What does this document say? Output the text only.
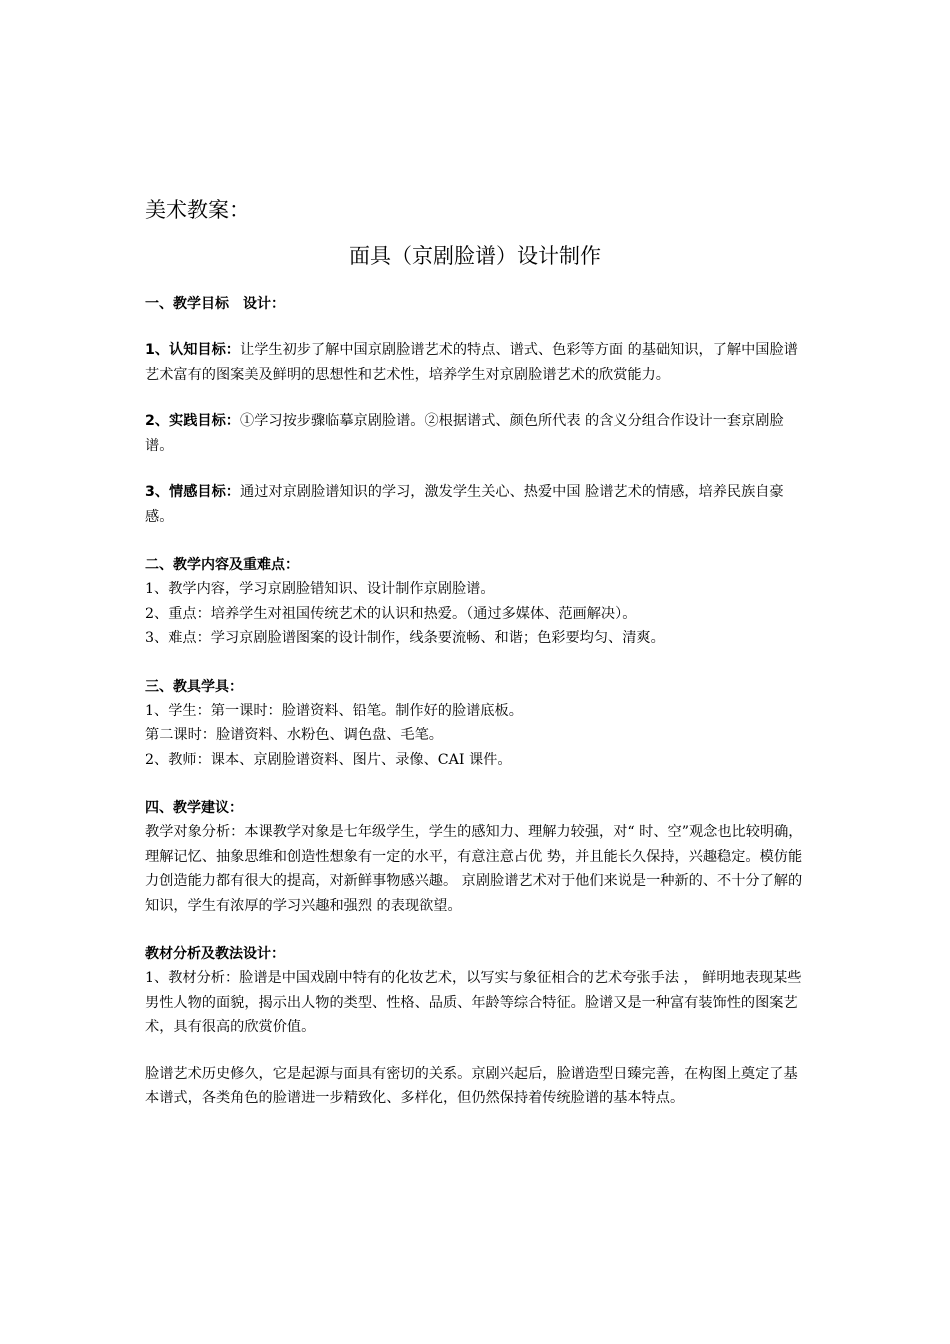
美术教案：
面具（京剧脸谱）设计制作

一、教学目标　设计：

1、认知目标：让学生初步了解中国京剧脸谱艺术的特点、谱式、色彩等方面 的基础知识，了解中国脸谱艺术富有的图案美及鲜明的思想性和艺术性，培养学生对京剧脸谱艺术的欣赏能力。

2、实践目标：①学习按步骤临摹京剧脸谱。②根据谱式、颜色所代表 的含义分组合作设计一套京剧脸谱。

3、情感目标：通过对京剧脸谱知识的学习，激发学生关心、热爱中国 脸谱艺术的情感，培养民族自豪感。

二、教学内容及重难点：

1、教学内容，学习京剧脸错知识、设计制作京剧脸谱。

2、重点：培养学生对祖国传统艺术的认识和热爱。（通过多媒体、范画解决）。

3、难点：学习京剧脸谱图案的设计制作，线条要流畅、和谐；色彩要均匀、清爽。

三、教具学具：

1、学生：第一课时：脸谱资料、铅笔。制作好的脸谱底板。

第二课时：脸谱资料、水粉色、调色盘、毛笔。

2、教师：课本、京剧脸谱资料、图片、录像、CAI 课件。

四、教学建议：

教学对象分析：本课教学对象是七年级学生，学生的感知力、理解力较强，对“ 时、空”观念也比较明确，理解记忆、抽象思维和创造性想象有一定的水平，有意注意占优 势，并且能长久保持，兴趣稳定。模仿能力创造能力都有很大的提高，对新鲜事物感兴趣。 京剧脸谱艺术对于他们来说是一种新的、不十分了解的知识，学生有浓厚的学习兴趣和强烈 的表现欲望。

教材分析及教法设计：

1、教材分析：脸谱是中国戏剧中特有的化妆艺术，以写实与象征相合的艺术夸张手法 ， 鲜明地表现某些男性人物的面貌，揭示出人物的类型、性格、品质、年龄等综合特征。脸谱又是一种富有装饰性的图案艺术，具有很高的欣赏价值。

脸谱艺术历史修久，它是起源与面具有密切的关系。京剧兴起后，脸谱造型日臻完善，在构图上奠定了基本谱式，各类角色的脸谱进一步精致化、多样化，但仍然保持着传统脸谱的基本特点。
